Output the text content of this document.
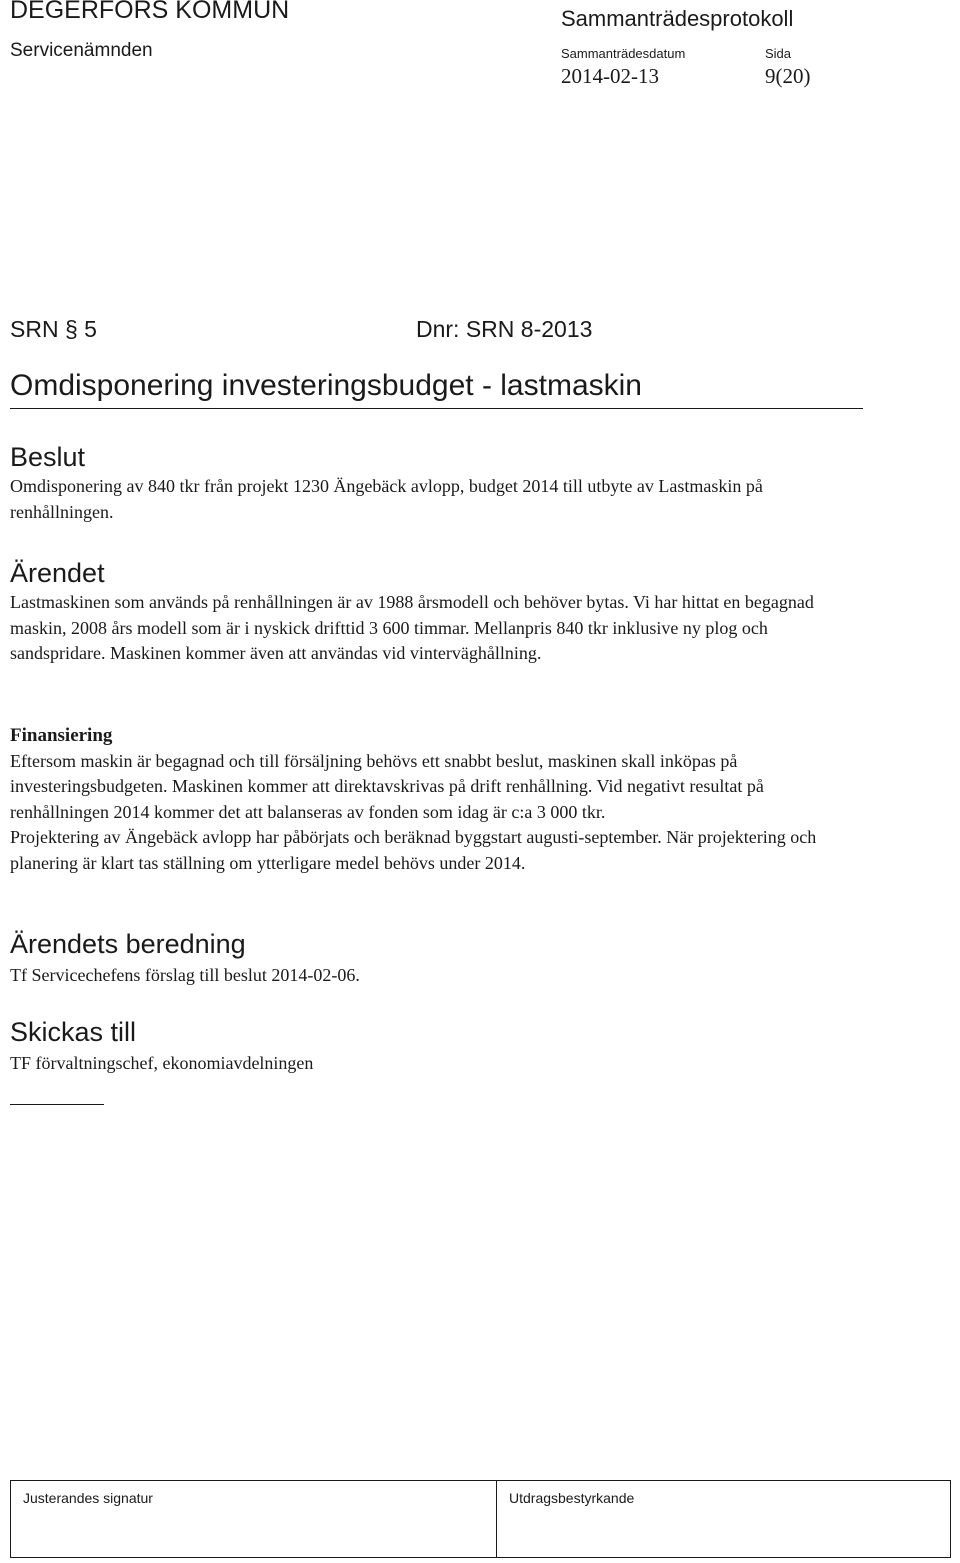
DEGERFORS KOMMUN	Sammanträdesprotokoll
Servicenämnden	Sammanträdesdatum	Sida
2014-02-13	9(20)
SRN § 5	Dnr: SRN 8-2013
Omdisponering investeringsbudget - lastmaskin
Beslut

Omdisponering av 840 tkr från projekt 1230 Ängebäck avlopp, budget 2014 till utbyte av Lastmaskin på renhållningen.

Ärendet

Lastmaskinen som används på renhållningen är av 1988 årsmodell och behöver bytas. Vi har hittat en begagnad maskin, 2008 års modell som är i nyskick drifttid 3 600 timmar. Mellanpris 840 tkr inklusive ny plog och sandspridare. Maskinen kommer även att användas vid vinterväghållning.

Finansiering

Eftersom maskin är begagnad och till försäljning behövs ett snabbt beslut, maskinen skall inköpas på investeringsbudgeten. Maskinen kommer att direktavskrivas på drift renhållning. Vid negativt resultat på renhållningen 2014 kommer det att balanseras av fonden som idag är c:a 3 000 tkr.

Projektering av Ängebäck avlopp har påbörjats och beräknad byggstart augusti-september. När projektering och planering är klart tas ställning om ytterligare medel behövs under 2014.

Ärendets beredning

Tf Servicechefens förslag till beslut 2014-02-06.

Skickas till

TF förvaltningschef, ekonomiavdelningen

Justerandes signatur	Utdragsbestyrkande
